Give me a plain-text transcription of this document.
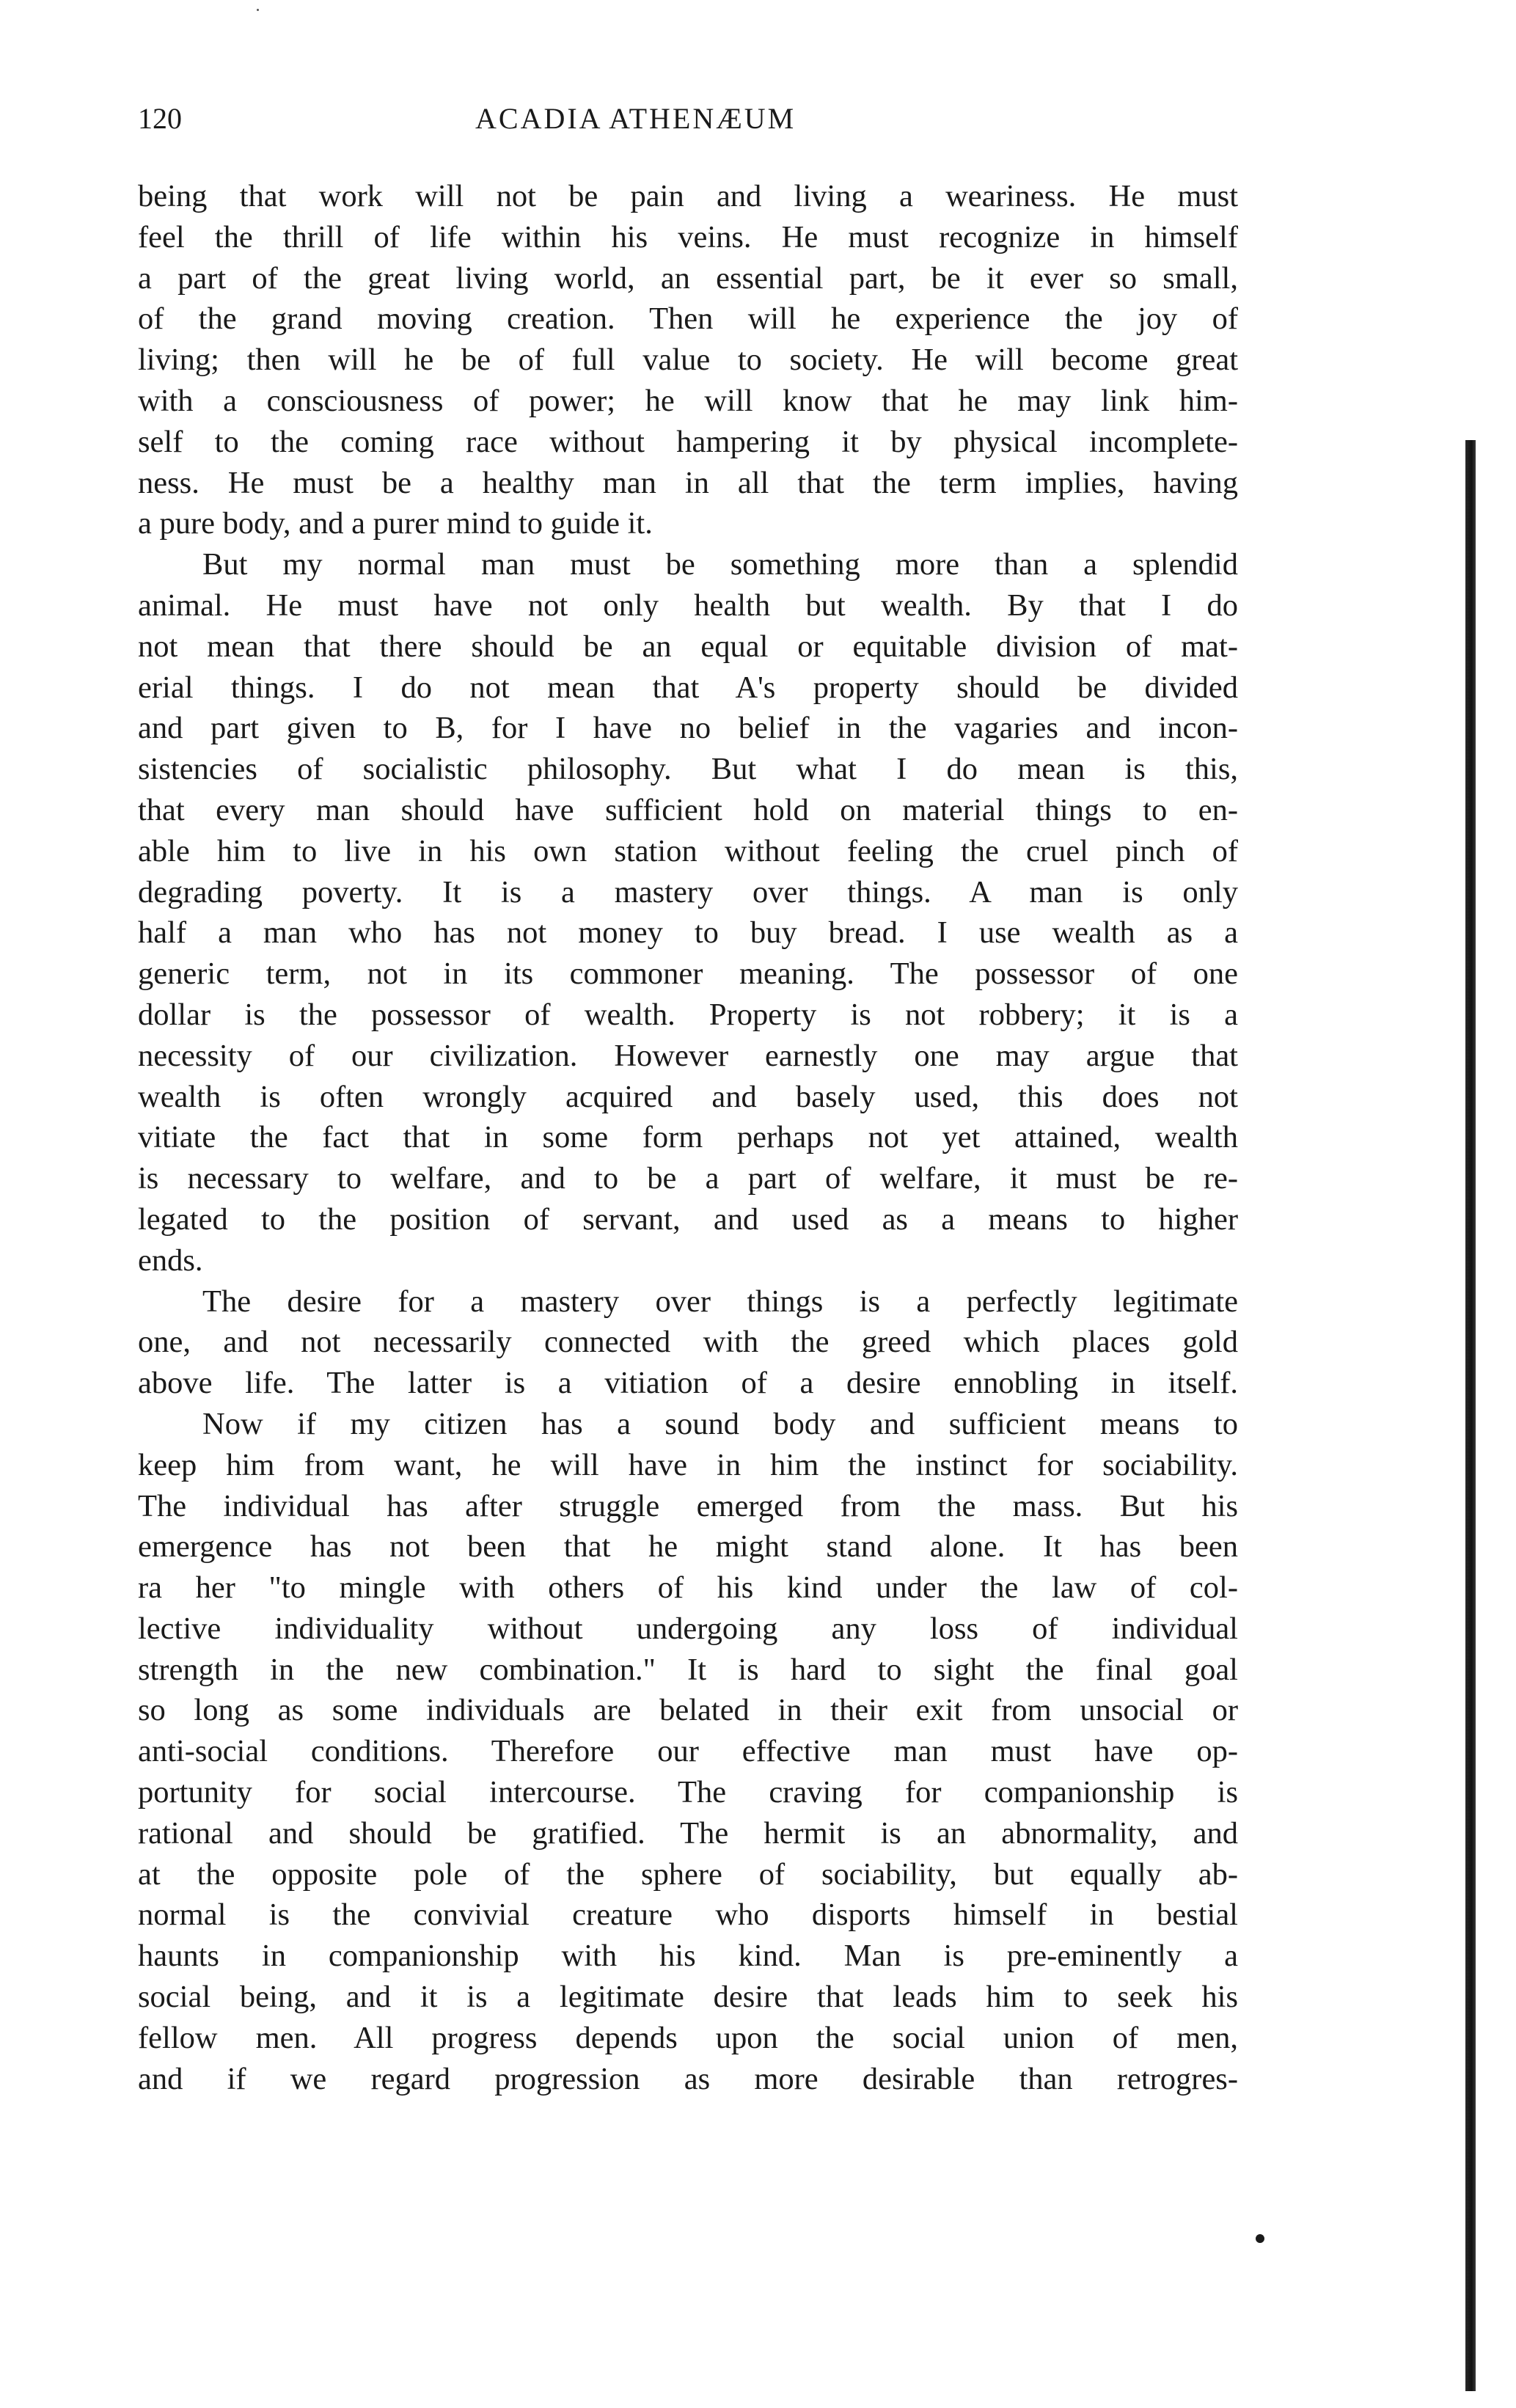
120	ACADIA ATHENÆUM
being that work will not be pain and living a weariness. He must
feel the thrill of life within his veins. He must recognize in himself
a part of the great living world, an essential part, be it ever so small,
of the grand moving creation. Then will he experience the joy of
living; then will he be of full value to society. He will become great
with a consciousness of power; he will know that he may link him-
self to the coming race without hampering it by physical incomplete-
ness. He must be a healthy man in all that the term implies, having
a pure body, and a purer mind to guide it.
But my normal man must be something more than a splendid
animal. He must have not only health but wealth. By that I do
not mean that there should be an equal or equitable division of mat-
erial things. I do not mean that A's property should be divided
and part given to B, for I have no belief in the vagaries and incon-
sistencies of socialistic philosophy. But what I do mean is this,
that every man should have sufficient hold on material things to en-
able him to live in his own station without feeling the cruel pinch of
degrading poverty. It is a mastery over things. A man is only
half a man who has not money to buy bread. I use wealth as a
generic term, not in its commoner meaning. The possessor of one
dollar is the possessor of wealth. Property is not robbery; it is a
necessity of our civilization. However earnestly one may argue that
wealth is often wrongly acquired and basely used, this does not
vitiate the fact that in some form perhaps not yet attained, wealth
is necessary to welfare, and to be a part of welfare, it must be re-
legated to the position of servant, and used as a means to higher
ends.
The desire for a mastery over things is a perfectly legitimate
one, and not necessarily connected with the greed which places gold
above life. The latter is a vitiation of a desire ennobling in itself.
Now if my citizen has a sound body and sufficient means to
keep him from want, he will have in him the instinct for sociability.
The individual has after struggle emerged from the mass. But his
emergence has not been that he might stand alone. It has been
ra her "to mingle with others of his kind under the law of col-
lective individuality without undergoing any loss of individual
strength in the new combination." It is hard to sight the final goal
so long as some individuals are belated in their exit from unsocial or
anti-social conditions. Therefore our effective man must have op-
portunity for social intercourse. The craving for companionship is
rational and should be gratified. The hermit is an abnormality, and
at the opposite pole of the sphere of sociability, but equally ab-
normal is the convivial creature who disports himself in bestial
haunts in companionship with his kind. Man is pre-eminently a
social being, and it is a legitimate desire that leads him to seek his
fellow men. All progress depends upon the social union of men,
and if we regard progression as more desirable than retrogres-
